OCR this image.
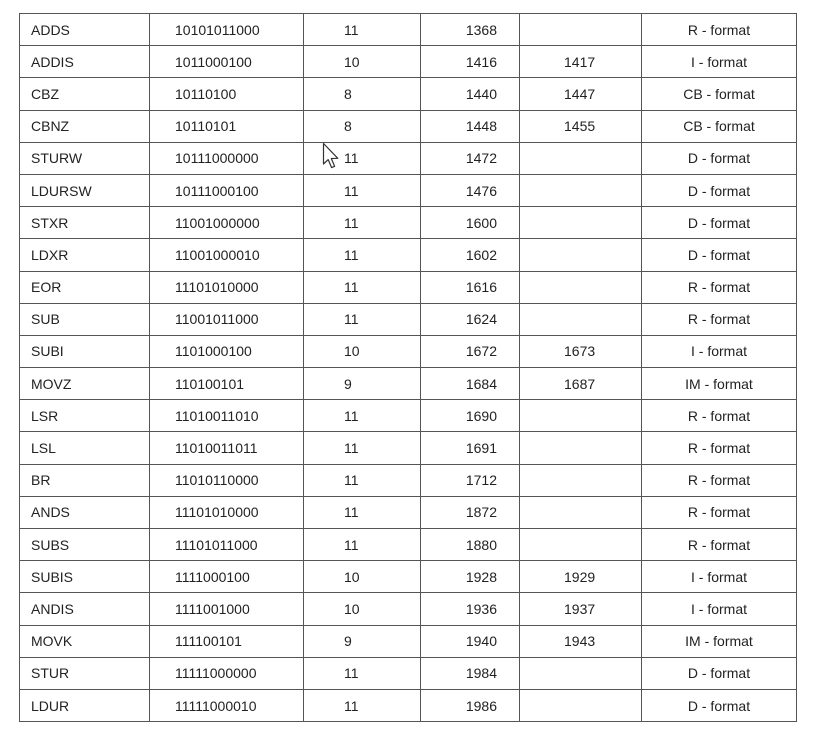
ADDS	10101011000	11	1368		R - format
ADDIS	1011000100	10	1416	1417	I - format
CBZ	10110100	8	1440	1447	CB - format
CBNZ	10110101	8	1448	1455	CB - format
STURW	10111000000	11	1472		D - format
LDURSW	10111000100	11	1476		D - format
STXR	11001000000	11	1600		D - format
LDXR	11001000010	11	1602		D - format
EOR	11101010000	11	1616		R - format
SUB	11001011000	11	1624		R - format
SUBI	1101000100	10	1672	1673	I - format
MOVZ	110100101	9	1684	1687	IM - format
LSR	11010011010	11	1690		R - format
LSL	11010011011	11	1691		R - format
BR	11010110000	11	1712		R - format
ANDS	11101010000	11	1872		R - format
SUBS	11101011000	11	1880		R - format
SUBIS	1111000100	10	1928	1929	I - format
ANDIS	1111001000	10	1936	1937	I - format
MOVK	111100101	9	1940	1943	IM - format
STUR	11111000000	11	1984		D - format
LDUR	11111000010	11	1986		D - format
